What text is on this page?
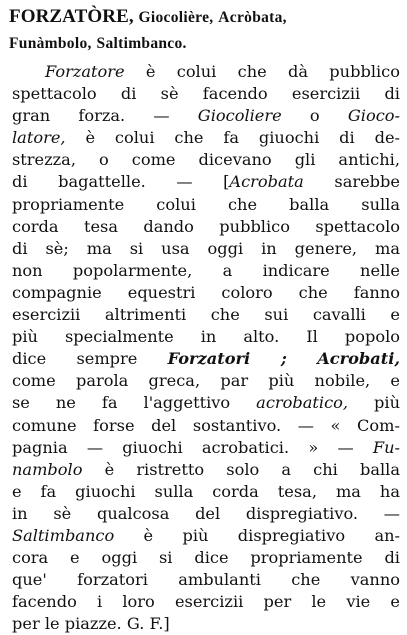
FORZATÒRE, Giocolière, Acròbata,
Funàmbolo, Saltimbanco.
Forzatore è colui che dà pubblico
spettacolo di sè facendo esercizii di
gran forza. — Giocoliere o Gioco-
latore, è colui che fa giuochi di de-
strezza, o come dicevano gli antichi,
di bagattelle. — [Acrobata sarebbe
propriamente colui che balla sulla
corda tesa dando pubblico spettacolo
di sè; ma si usa oggi in genere, ma
non popolarmente, a indicare nelle
compagnie equestri coloro che fanno
esercizii altrimenti che sui cavalli e
più specialmente in alto. Il popolo
dice sempre Forzatori ; Acrobati,
come parola greca, par più nobile, e
se ne fa l'aggettivo acrobatico, più
comune forse del sostantivo. — « Com-
pagnia — giuochi acrobatici. » — Fu-
nambolo è ristretto solo a chi balla
e fa giuochi sulla corda tesa, ma ha
in sè qualcosa del dispregiativo. —
Saltimbanco è più dispregiativo an-
cora e oggi si dice propriamente di
que' forzatori ambulanti che vanno
facendo i loro esercizii per le vie e
per le piazze. G. F.]
